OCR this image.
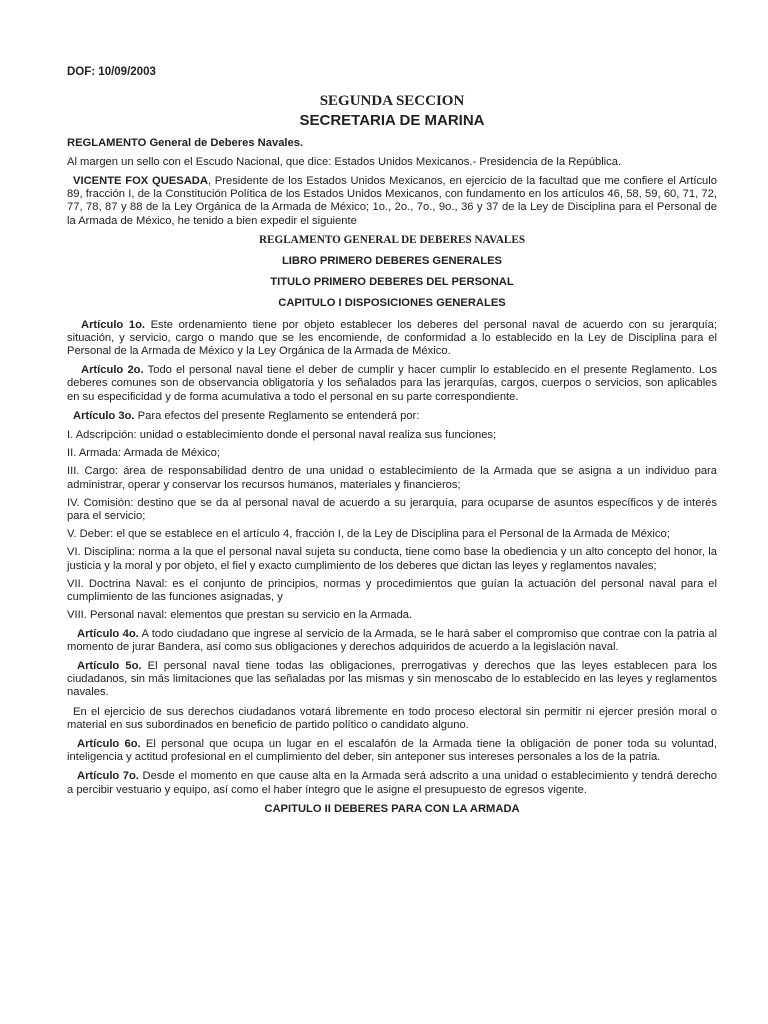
DOF: 10/09/2003
SEGUNDA SECCION
SECRETARIA DE MARINA

REGLAMENTO General de Deberes Navales.

Al margen un sello con el Escudo Nacional, que dice: Estados Unidos Mexicanos.- Presidencia de la República.

VICENTE FOX QUESADA, Presidente de los Estados Unidos Mexicanos, en ejercicio de la facultad que me confiere el Artículo 89, fracción I, de la Constitución Política de los Estados Unidos Mexicanos, con fundamento en los artículos 46, 58, 59, 60, 71, 72, 77, 78, 87 y 88 de la Ley Orgánica de la Armada de México; 1o., 2o., 7o., 9o., 36 y 37 de la Ley de Disciplina para el Personal de la Armada de México, he tenido a bien expedir el siguiente

REGLAMENTO GENERAL DE DEBERES NAVALES
LIBRO PRIMERO DEBERES GENERALES
TITULO PRIMERO DEBERES DEL PERSONAL
CAPITULO I DISPOSICIONES GENERALES

Artículo 1o. Este ordenamiento tiene por objeto establecer los deberes del personal naval de acuerdo con su jerarquía; situación, y servicio, cargo o mando que se les encomiende, de conformidad a lo establecido en la Ley de Disciplina para el Personal de la Armada de México y la Ley Orgánica de la Armada de México.

Artículo 2o. Todo el personal naval tiene el deber de cumplir y hacer cumplir lo establecido en el presente Reglamento. Los deberes comunes son de observancia obligatoria y los señalados para las jerarquías, cargos, cuerpos o servicios, son aplicables en su especificidad y de forma acumulativa a todo el personal en su parte correspondiente.

Artículo 3o. Para efectos del presente Reglamento se entenderá por:

I. Adscripción: unidad o establecimiento donde el personal naval realiza sus funciones;
II. Armada: Armada de México;
III. Cargo: área de responsabilidad dentro de una unidad o establecimiento de la Armada que se asigna a un individuo para administrar, operar y conservar los recursos humanos, materiales y financieros;
IV. Comisión: destino que se da al personal naval de acuerdo a su jerarquía, para ocuparse de asuntos específicos y de interés para el servicio;
V. Deber: el que se establece en el artículo 4, fracción I, de la Ley de Disciplina para el Personal de la Armada de México;
VI. Disciplina: norma a la que el personal naval sujeta su conducta, tiene como base la obediencia y un alto concepto del honor, la justicia y la moral y por objeto, el fiel y exacto cumplimiento de los deberes que dictan las leyes y reglamentos navales;
VII. Doctrina Naval: es el conjunto de principios, normas y procedimientos que guían la actuación del personal naval para el cumplimiento de las funciones asignadas, y
VIII. Personal naval: elementos que prestan su servicio en la Armada.

Artículo 4o. A todo ciudadano que ingrese al servicio de la Armada, se le hará saber el compromiso que contrae con la patria al momento de jurar Bandera, así como sus obligaciones y derechos adquiridos de acuerdo a la legislación naval.

Artículo 5o. El personal naval tiene todas las obligaciones, prerrogativas y derechos que las leyes establecen para los ciudadanos, sin más limitaciones que las señaladas por las mismas y sin menoscabo de lo establecido en las leyes y reglamentos navales.

En el ejercicio de sus derechos ciudadanos votará libremente en todo proceso electoral sin permitir ni ejercer presión moral o material en sus subordinados en beneficio de partido político o candidato alguno.

Artículo 6o. El personal que ocupa un lugar en el escalafón de la Armada tiene la obligación de poner toda su voluntad, inteligencia y actitud profesional en el cumplimiento del deber, sin anteponer sus intereses personales a los de la patria.

Artículo 7o. Desde el momento en que cause alta en la Armada será adscrito a una unidad o establecimiento y tendrá derecho a percibir vestuario y equipo, así como el haber íntegro que le asigne el presupuesto de egresos vigente.

CAPITULO II DEBERES PARA CON LA ARMADA
